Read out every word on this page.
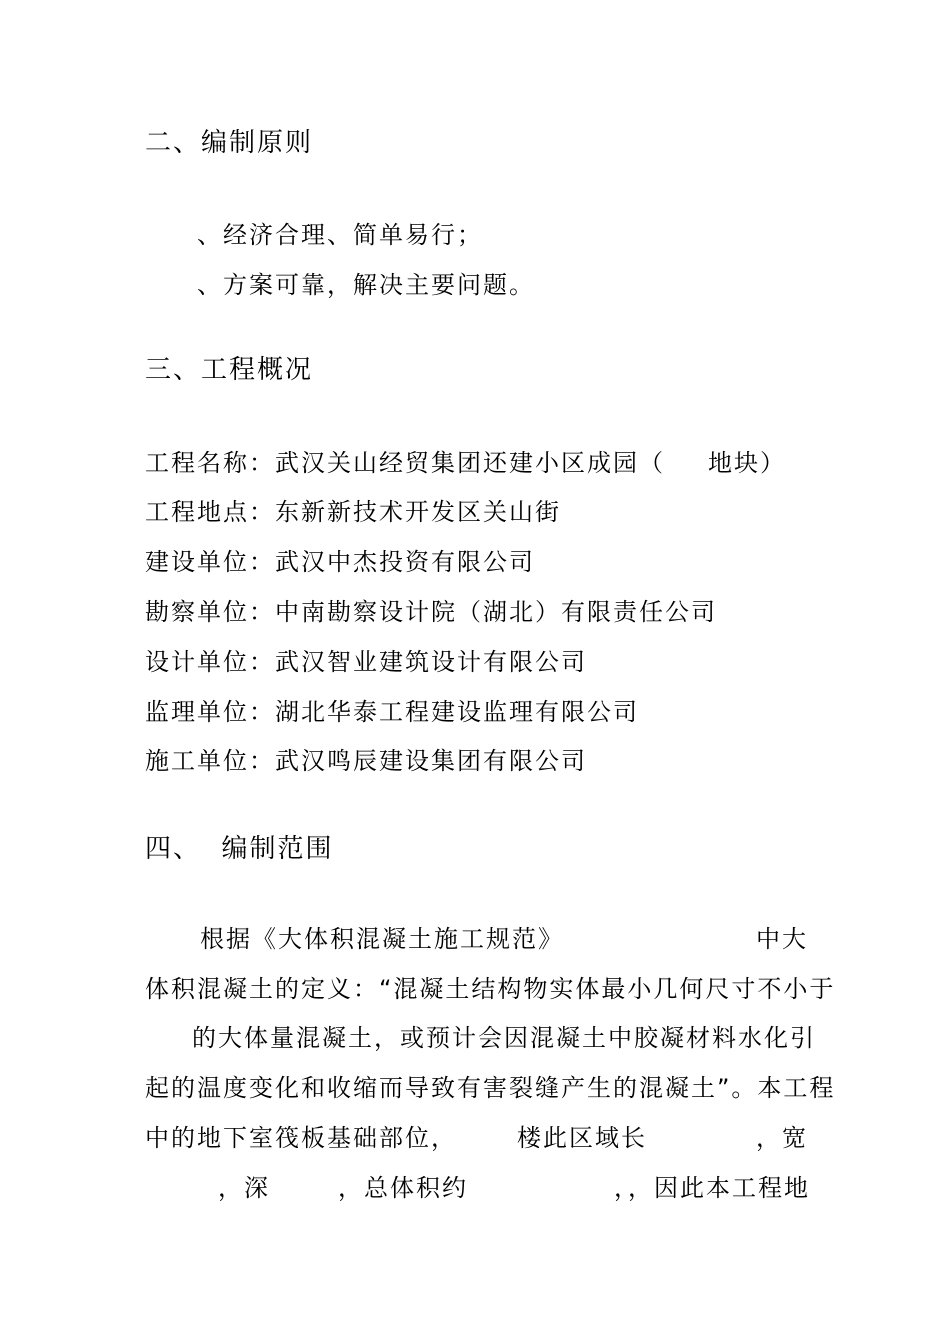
二、编制原则
、经济合理、简单易行；
、方案可靠，解决主要问题。
三、工程概况
工程名称：武汉关山经贸集团还建小区成园（ 地块）
工程地点：东新新技术开发区关山街
建设单位：武汉中杰投资有限公司
勘察单位：中南勘察设计院（湖北）有限责任公司
设计单位：武汉智业建筑设计有限公司
监理单位：湖北华泰工程建设监理有限公司
施工单位：武汉鸣辰建设集团有限公司
四、  编制范围
根据《大体积混凝土施工规范》	中大
体积混凝土的定义：“混凝土结构物实体最小几何尺寸不小于
的大体量混凝土，或预计会因混凝土中胶凝材料水化引
起的温度变化和收缩而导致有害裂缝产生的混凝土”。本工程
中的地下室筏板基础部位，	楼此区域长	，宽
，深	，总体积约	，，因此本工程地
